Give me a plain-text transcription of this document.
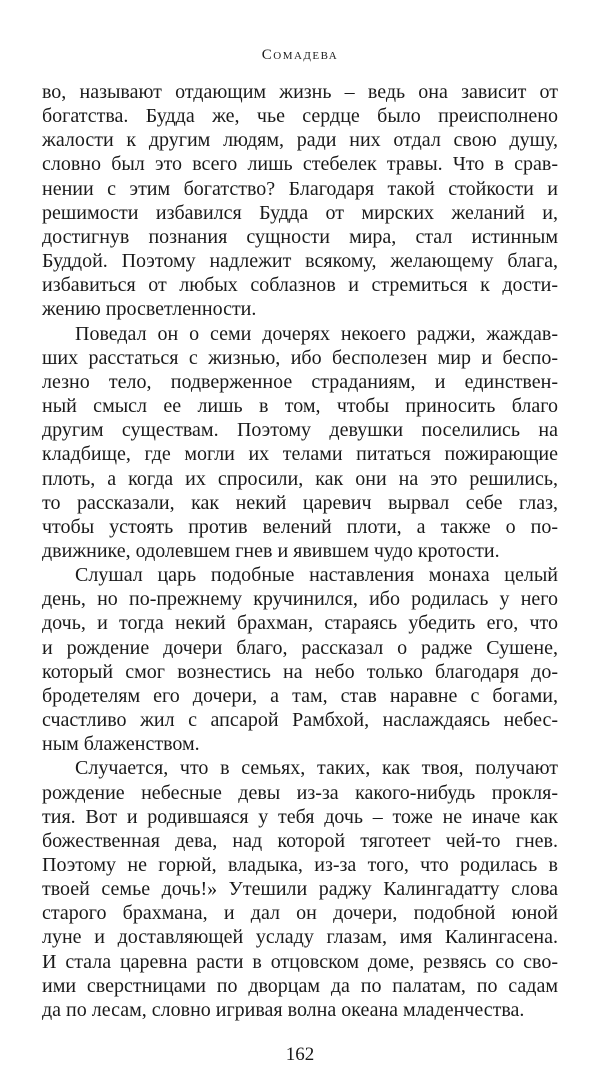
Сомадева
во, называют отдающим жизнь – ведь она зависит от
богатства. Будда же, чье сердце было преисполнено
жалости к другим людям, ради них отдал свою душу,
словно был это всего лишь стебелек травы. Что в срав-
нении с этим богатство? Благодаря такой стойкости и
решимости избавился Будда от мирских желаний и,
достигнув познания сущности мира, стал истинным
Буддой. Поэтому надлежит всякому, желающему блага,
избавиться от любых соблазнов и стремиться к дости-
жению просветленности.
Поведал он о семи дочерях некоего раджи, жаждав-
ших расстаться с жизнью, ибо бесполезен мир и беспо-
лезно тело, подверженное страданиям, и единствен-
ный смысл ее лишь в том, чтобы приносить благо
другим существам. Поэтому девушки поселились на
кладбище, где могли их телами питаться пожирающие
плоть, а когда их спросили, как они на это решились,
то рассказали, как некий царевич вырвал себе глаз,
чтобы устоять против велений плоти, а также о по-
движнике, одолевшем гнев и явившем чудо кротости.
Слушал царь подобные наставления монаха целый
день, но по-прежнему кручинился, ибо родилась у него
дочь, и тогда некий брахман, стараясь убедить его, что
и рождение дочери благо, рассказал о радже Сушене,
который смог вознестись на небо только благодаря до-
бродетелям его дочери, а там, став наравне с богами,
счастливо жил с апсарой Рамбхой, наслаждаясь небес-
ным блаженством.
Случается, что в семьях, таких, как твоя, получают
рождение небесные девы из-за какого-нибудь прокля-
тия. Вот и родившаяся у тебя дочь – тоже не иначе как
божественная дева, над которой тяготеет чей-то гнев.
Поэтому не горюй, владыка, из-за того, что родилась в
твоей семье дочь!» Утешили раджу Калингадатту слова
старого брахмана, и дал он дочери, подобной юной
луне и доставляющей усладу глазам, имя Калингасена.
И стала царевна расти в отцовском доме, резвясь со сво-
ими сверстницами по дворцам да по палатам, по садам
да по лесам, словно игривая волна океана младенчества.
162
